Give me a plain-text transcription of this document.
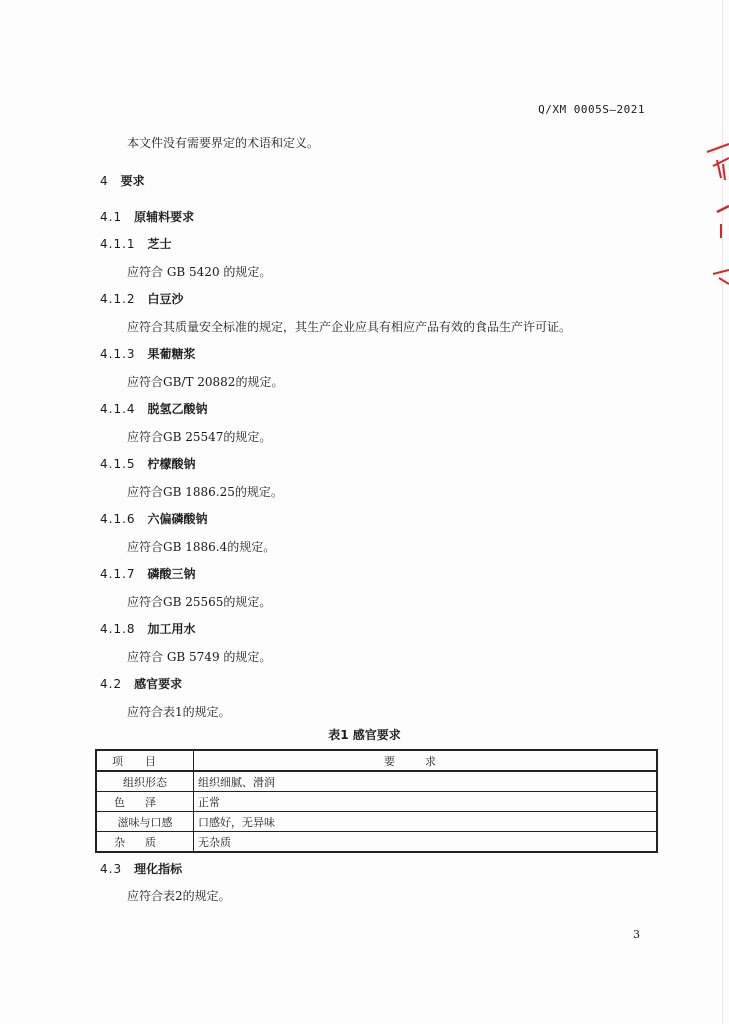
Q/XM 0005S—2021
本文件没有需要界定的术语和定义。
4 要求
4.1 原辅料要求
4.1.1 芝士
应符合 GB 5420 的规定。
4.1.2 白豆沙
应符合其质量安全标准的规定，其生产企业应具有相应产品有效的食品生产许可证。
4.1.3 果葡糖浆
应符合GB/T 20882的规定。
4.1.4 脱氢乙酸钠
应符合GB 25547的规定。
4.1.5 柠檬酸钠
应符合GB 1886.25的规定。
4.1.6 六偏磷酸钠
应符合GB 1886.4的规定。
4.1.7 磷酸三钠
应符合GB 25565的规定。
4.1.8 加工用水
应符合 GB 5749 的规定。
4.2 感官要求
应符合表1的规定。
表1 感官要求
项目	要求
组织形态	组织细腻、滑润
色泽	正常
滋味与口感	口感好，无异味
杂质	无杂质
4.3 理化指标
应符合表2的规定。
3
